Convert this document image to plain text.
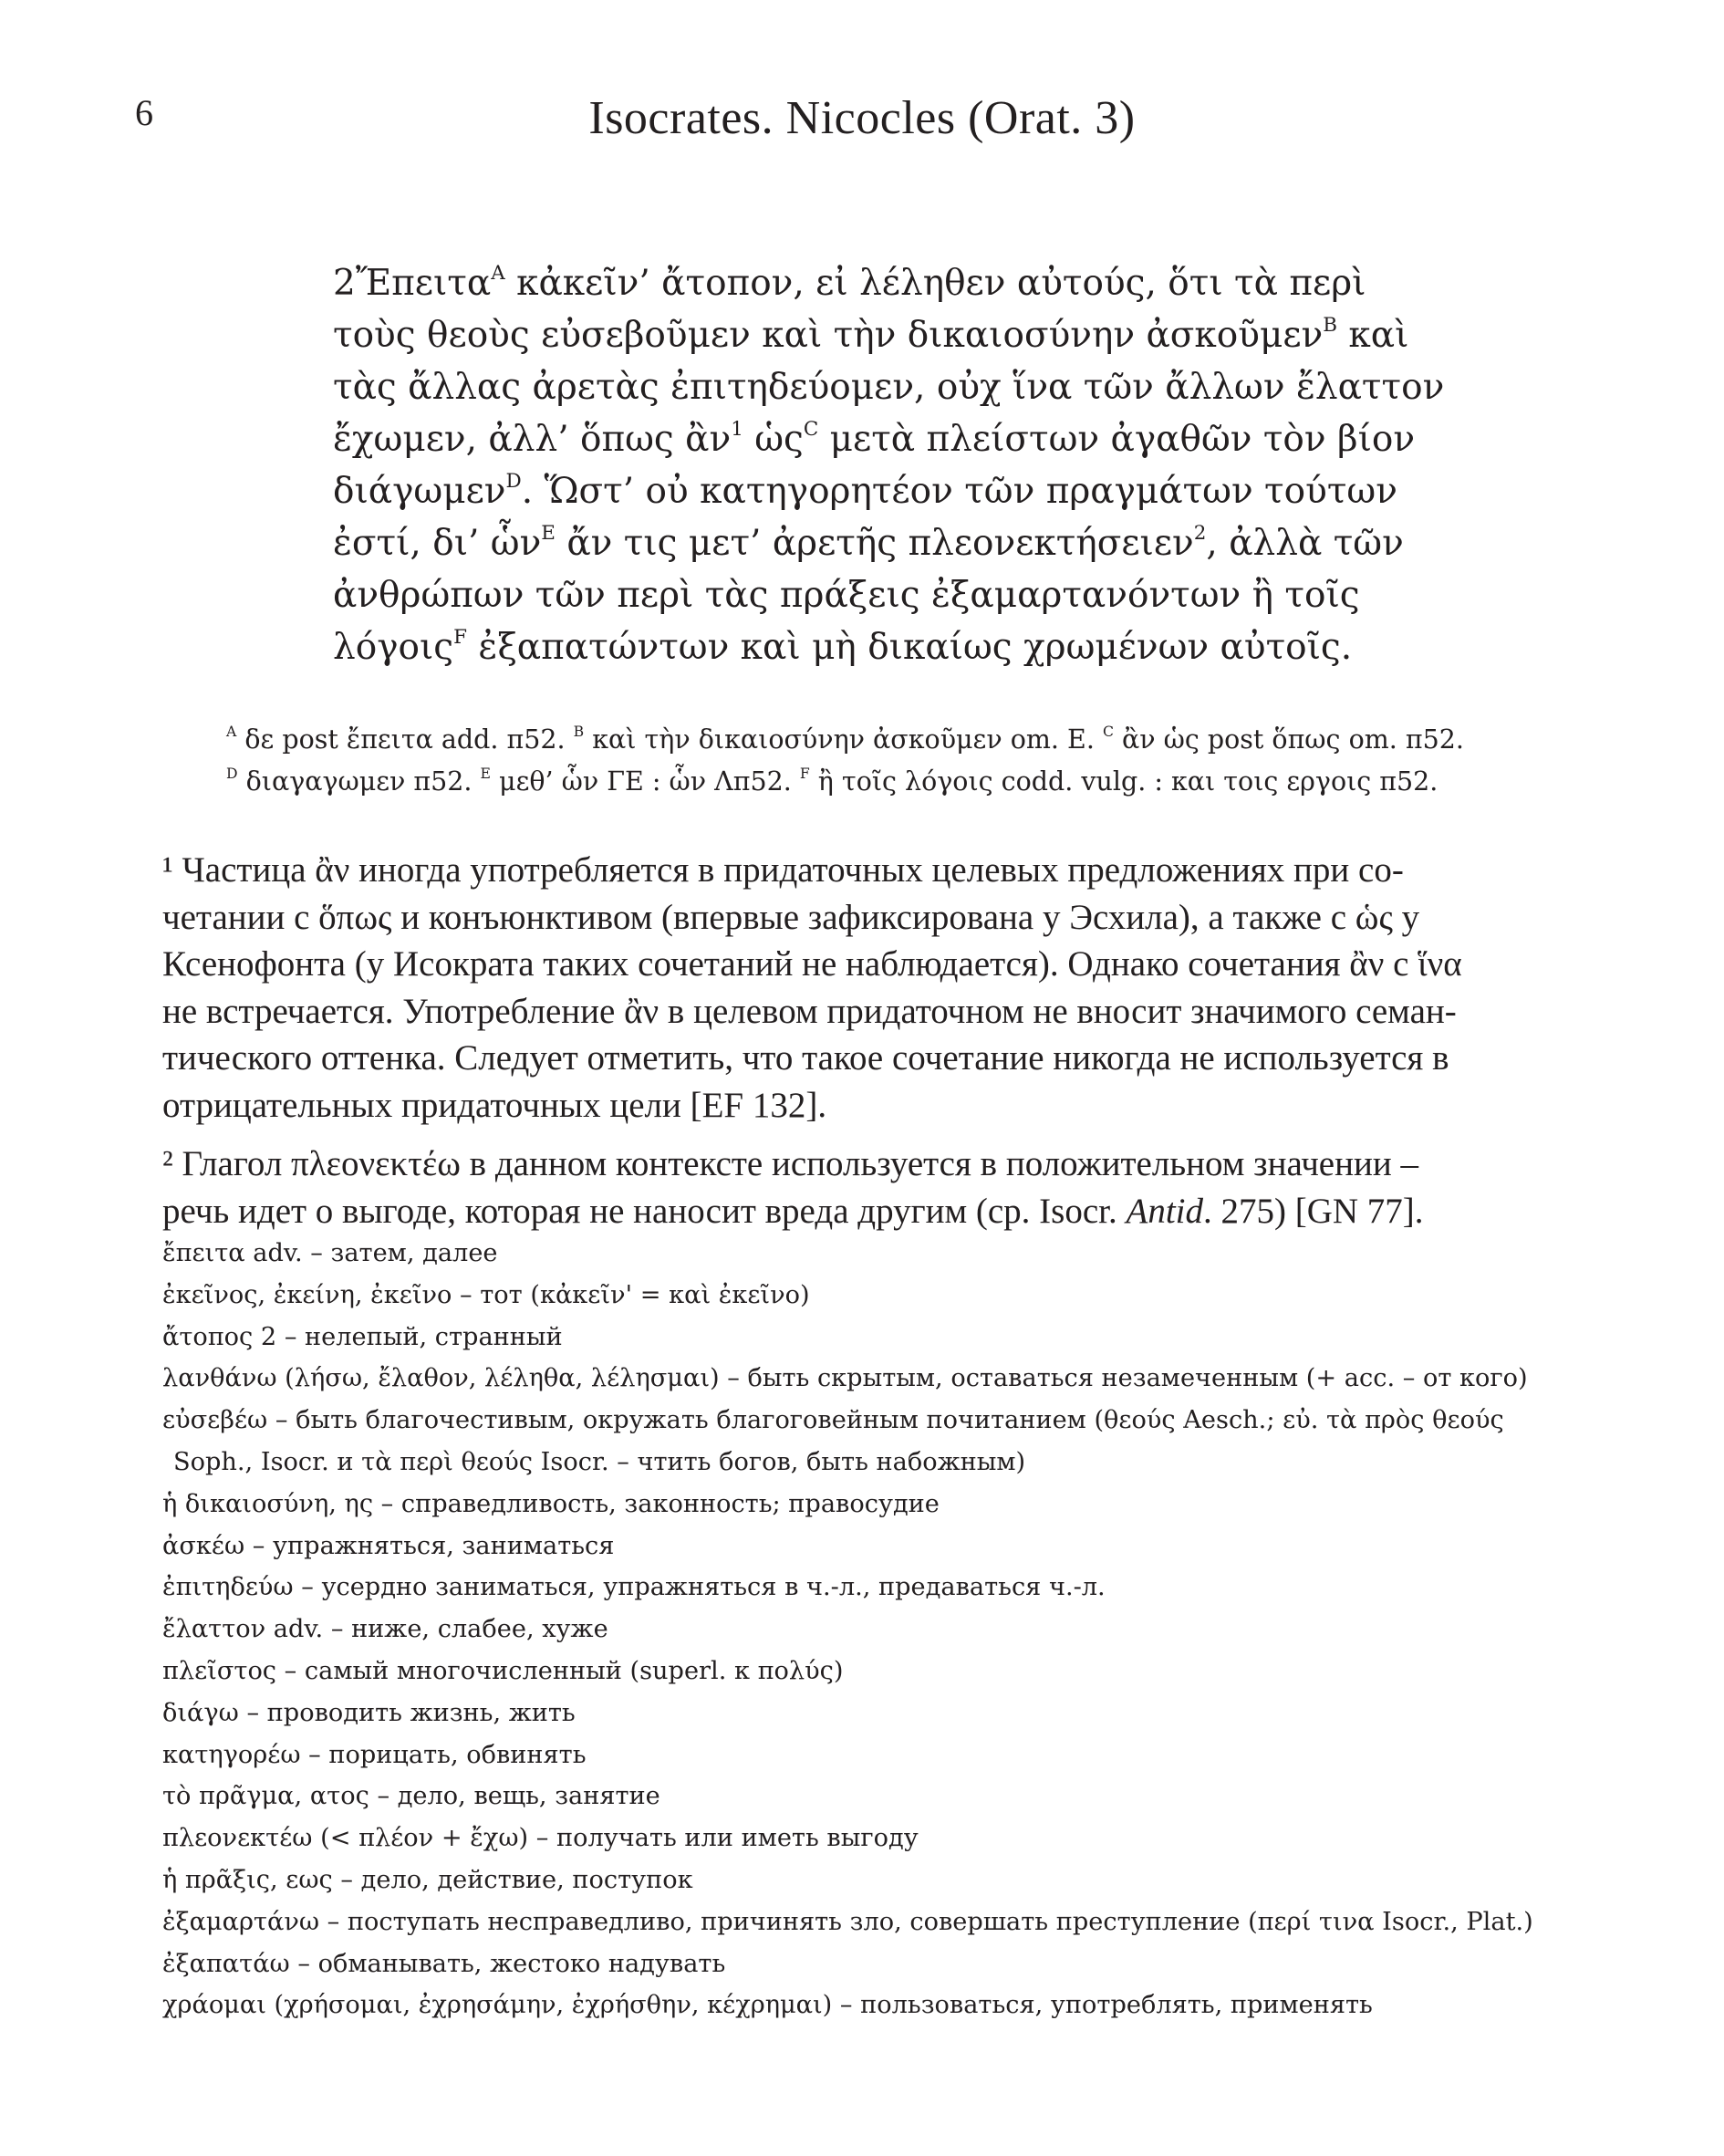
6	Isocrates. Nicocles (Orat. 3)
2Ἔπειτα$^A$ κἀκεῖν’ ἄτοπον, εἰ λέληθεν αὐτούς, ὅτι τὰ περὶ
τοὺς θεοὺς εὐσεβοῦμεν καὶ τὴν δικαιοσύνην ἀσκοῦμεν$^B$ καὶ
τὰς ἄλλας ἀρετὰς ἐπιτηδεύομεν, οὐχ ἵνα τῶν ἄλλων ἔλαττον
ἔχωμεν, ἀλλ’ ὅπως ἂν$^1$ ὡς$^C$ μετὰ πλείστων ἀγαθῶν τὸν βίον
διάγωμεν$^D$. Ὥστ’ οὐ κατηγορητέον τῶν πραγμάτων τούτων
ἐστί, δι’ ὧν$^E$ ἄν τις μετ’ ἀρετῆς πλεονεκτήσειεν$^2$, ἀλλὰ τῶν
ἀνθρώπων τῶν περὶ τὰς πράξεις ἐξαμαρτανόντων ἢ τοῖς
λόγοις$^F$ ἐξαπατώντων καὶ μὴ δικαίως χρωμένων αὐτοῖς.
$^A$ δε post ἔπειτα add. π52. $^B$ καὶ τὴν δικαιοσύνην ἀσκοῦμεν om. E. $^C$ ἂν ὡς post ὅπως om. π52.
$^D$ διαγαγωμεν π52. $^E$ μεθ’ ὧν ΓΕ : ὧν Λπ52. $^F$ ἢ τοῖς λόγοις codd. vulg. : και τοις εργοις π52.
¹ Частица ἂν иногда употребляется в придаточных целевых предложениях при со-
четании с ὅπως и конъюнктивом (впервые зафиксирована у Эсхила), а также с ὡς у
Ксенофонта (у Исократа таких сочетаний не наблюдается). Однако сочетания ἂν с ἵνα
не встречается. Употребление ἂν в целевом придаточном не вносит значимого семан-
тического оттенка. Следует отметить, что такое сочетание никогда не используется в
отрицательных придаточных цели [EF 132].
² Глагол πλεονεκτέω в данном контексте используется в положительном значении –
речь идет о выгоде, которая не наносит вреда другим (ср. Isocr. Antid. 275) [GN 77].
ἔπειτα adv. – затем, далее
ἐκεῖνος, ἐκείνη, ἐκεῖνο – тот (κἀκεῖν' = καὶ ἐκεῖνο)
ἄτοπος 2 – нелепый, странный
λανθάνω (λήσω, ἔλαθον, λέληθα, λέλησμαι) – быть скрытым, оставаться незамеченным (+ acc. – от кого)
εὐσεβέω – быть благочестивым, окружать благоговейным почитанием (θεούς Aesch.; εὐ. τὰ πρὸς θεούς
Soph., Isocr. и τὰ περὶ θεούς Isocr. – чтить богов, быть набожным)
ἡ δικαιοσύνη, ης – справедливость, законность; правосудие
ἀσκέω – упражняться, заниматься
ἐπιτηδεύω – усердно заниматься, упражняться в ч.-л., предаваться ч.-л.
ἔλαττον adv. – ниже, слабее, хуже
πλεῖστος – самый многочисленный (superl. к πολύς)
διάγω – проводить жизнь, жить
κατηγορέω – порицать, обвинять
τὸ πρᾶγμα, ατος – дело, вещь, занятие
πλεονεκτέω (< πλέον + ἔχω) – получать или иметь выгоду
ἡ πρᾶξις, εως – дело, действие, поступок
ἐξαμαρτάνω – поступать несправедливо, причинять зло, совершать преступление (περί τινα Isocr., Plat.)
ἐξαπατάω – обманывать, жестоко надувать
χράομαι (χρήσομαι, ἐχρησάμην, ἐχρήσθην, κέχρημαι) – пользоваться, употреблять, применять
